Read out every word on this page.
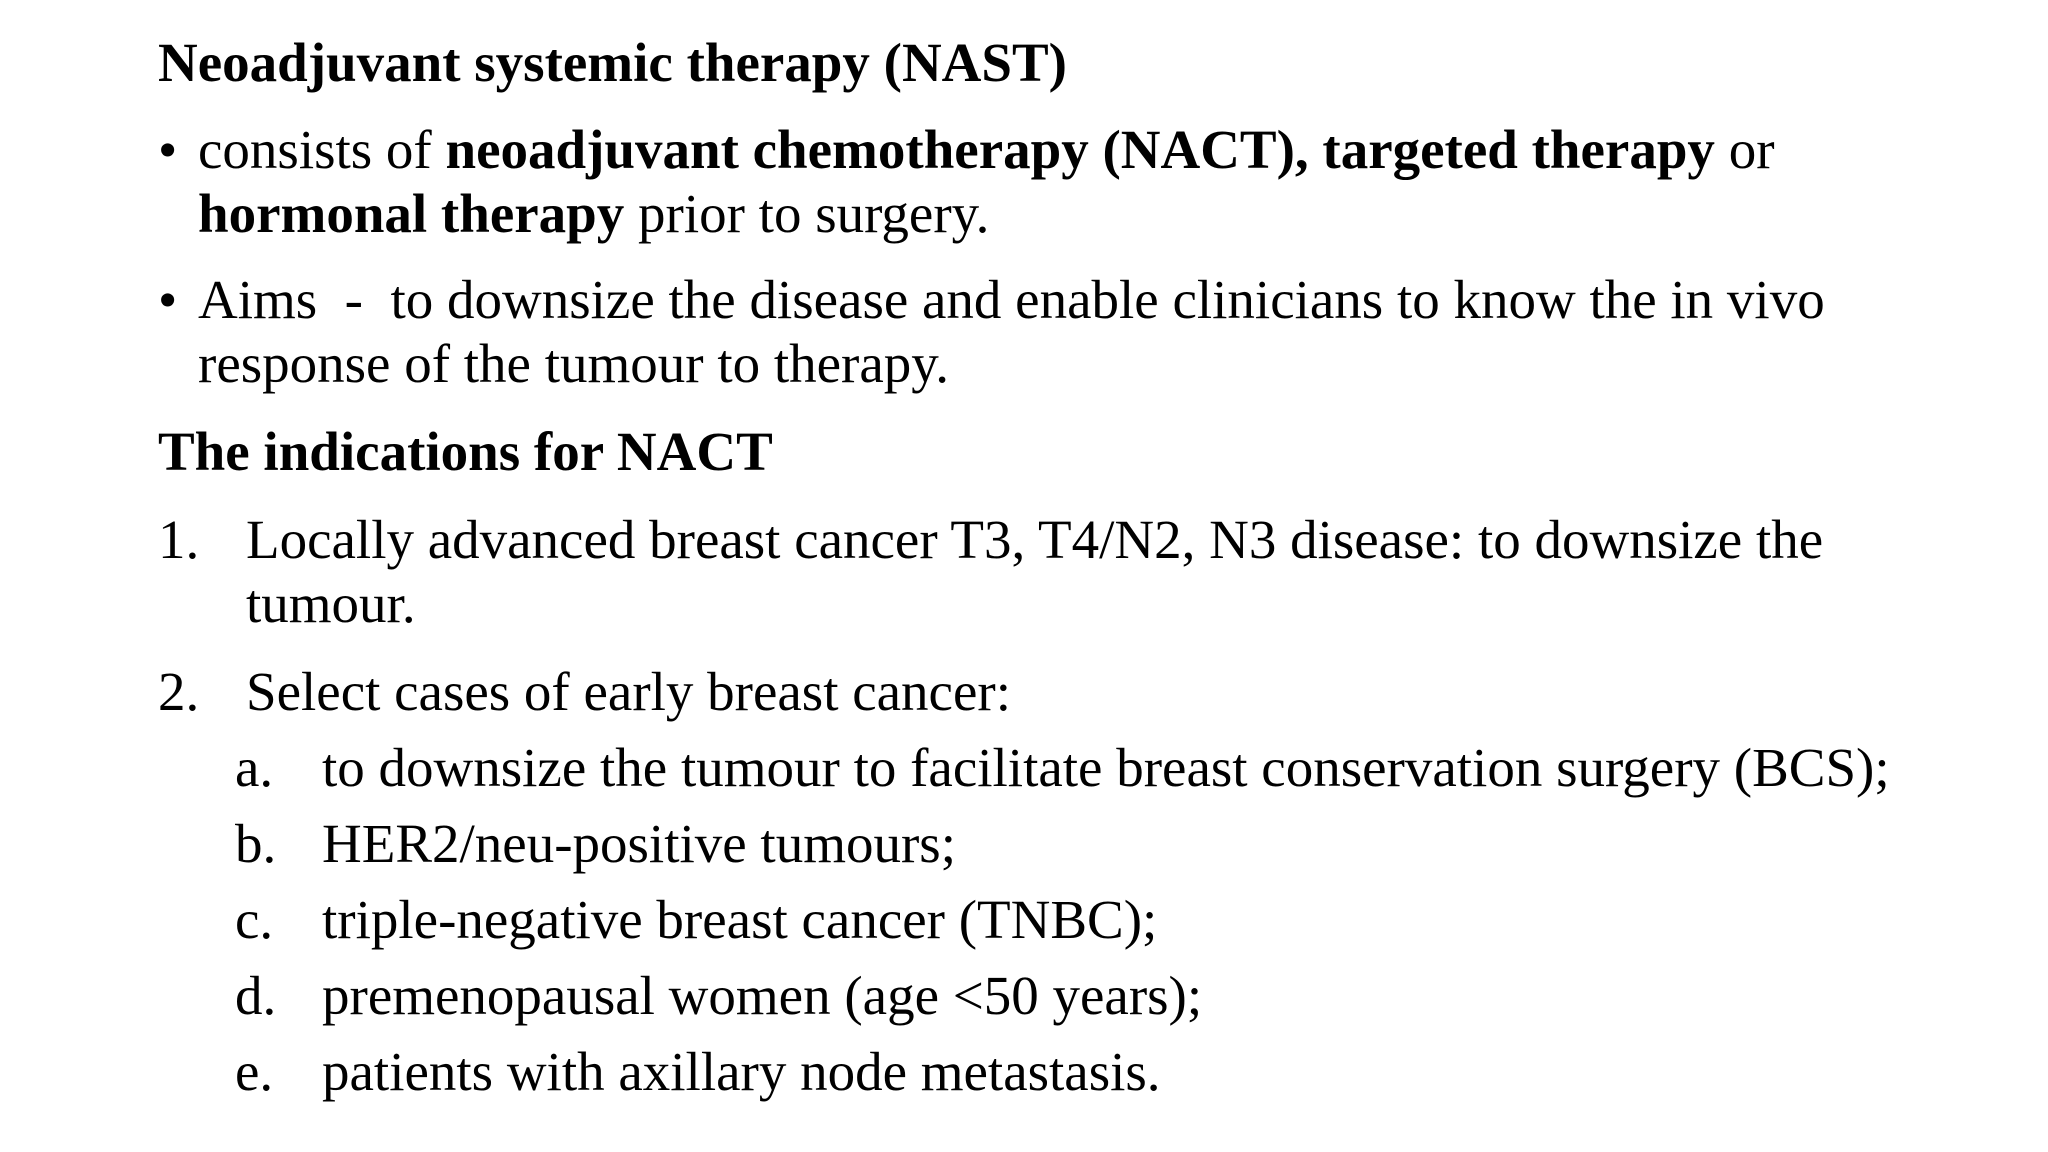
Neoadjuvant systemic therapy (NAST)
• consists of neoadjuvant chemotherapy (NACT), targeted therapy or
hormonal therapy prior to surgery.
• Aims  -  to downsize the disease and enable clinicians to know the in vivo response of the tumour to therapy.
The indications for NACT
1. Locally advanced breast cancer T3, T4/N2, N3 disease: to downsize the tumour.
2. Select cases of early breast cancer:
a. to downsize the tumour to facilitate breast conservation surgery (BCS);
b. HER2/neu-positive tumours;
c. triple-negative breast cancer (TNBC);
d. premenopausal women (age <50 years);
e. patients with axillary node metastasis.
